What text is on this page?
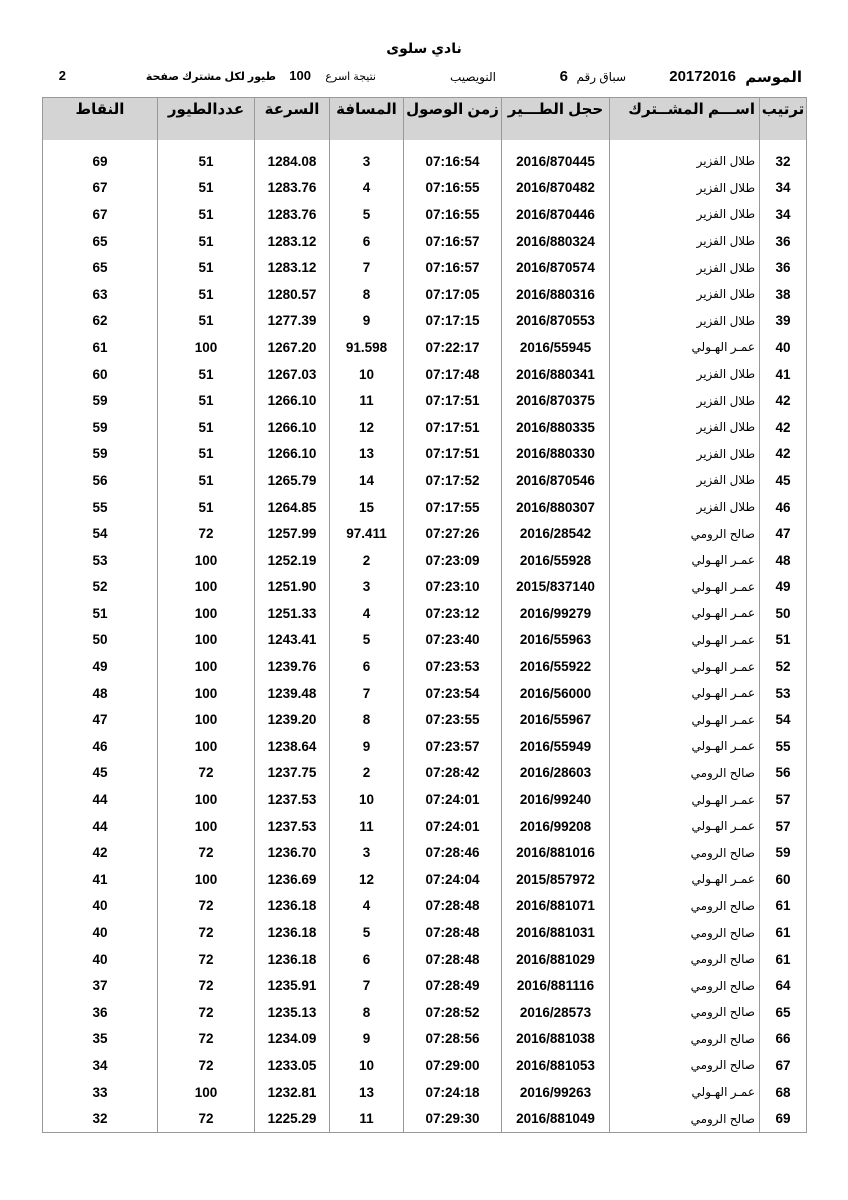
نادي سلوى
الموسم
20172016
سباق رقم
6
النويصيب
نتيجة اسرع
100
طيور لكل مشترك صفحة
2
ترتيب	اســـم المشــترك	حجل الطـــير	زمن الوصول	المسافة	السرعة	عددالطيور	النقاط

32	طلال الفزير	2016/870445	07:16:54	3	1284.08	51	69
34	طلال الفزير	2016/870482	07:16:55	4	1283.76	51	67
34	طلال الفزير	2016/870446	07:16:55	5	1283.76	51	67
36	طلال الفزير	2016/880324	07:16:57	6	1283.12	51	65
36	طلال الفزير	2016/870574	07:16:57	7	1283.12	51	65
38	طلال الفزير	2016/880316	07:17:05	8	1280.57	51	63
39	طلال الفزير	2016/870553	07:17:15	9	1277.39	51	62
40	عمـر الهـولي	2016/55945	07:22:17	91.598	1267.20	100	61
41	طلال الفزير	2016/880341	07:17:48	10	1267.03	51	60
42	طلال الفزير	2016/870375	07:17:51	11	1266.10	51	59
42	طلال الفزير	2016/880335	07:17:51	12	1266.10	51	59
42	طلال الفزير	2016/880330	07:17:51	13	1266.10	51	59
45	طلال الفزير	2016/870546	07:17:52	14	1265.79	51	56
46	طلال الفزير	2016/880307	07:17:55	15	1264.85	51	55
47	صالح الرومي	2016/28542	07:27:26	97.411	1257.99	72	54
48	عمـر الهـولي	2016/55928	07:23:09	2	1252.19	100	53
49	عمـر الهـولي	2015/837140	07:23:10	3	1251.90	100	52
50	عمـر الهـولي	2016/99279	07:23:12	4	1251.33	100	51
51	عمـر الهـولي	2016/55963	07:23:40	5	1243.41	100	50
52	عمـر الهـولي	2016/55922	07:23:53	6	1239.76	100	49
53	عمـر الهـولي	2016/56000	07:23:54	7	1239.48	100	48
54	عمـر الهـولي	2016/55967	07:23:55	8	1239.20	100	47
55	عمـر الهـولي	2016/55949	07:23:57	9	1238.64	100	46
56	صالح الرومي	2016/28603	07:28:42	2	1237.75	72	45
57	عمـر الهـولي	2016/99240	07:24:01	10	1237.53	100	44
57	عمـر الهـولي	2016/99208	07:24:01	11	1237.53	100	44
59	صالح الرومي	2016/881016	07:28:46	3	1236.70	72	42
60	عمـر الهـولي	2015/857972	07:24:04	12	1236.69	100	41
61	صالح الرومي	2016/881071	07:28:48	4	1236.18	72	40
61	صالح الرومي	2016/881031	07:28:48	5	1236.18	72	40
61	صالح الرومي	2016/881029	07:28:48	6	1236.18	72	40
64	صالح الرومي	2016/881116	07:28:49	7	1235.91	72	37
65	صالح الرومي	2016/28573	07:28:52	8	1235.13	72	36
66	صالح الرومي	2016/881038	07:28:56	9	1234.09	72	35
67	صالح الرومي	2016/881053	07:29:00	10	1233.05	72	34
68	عمـر الهـولي	2016/99263	07:24:18	13	1232.81	100	33
69	صالح الرومي	2016/881049	07:29:30	11	1225.29	72	32
